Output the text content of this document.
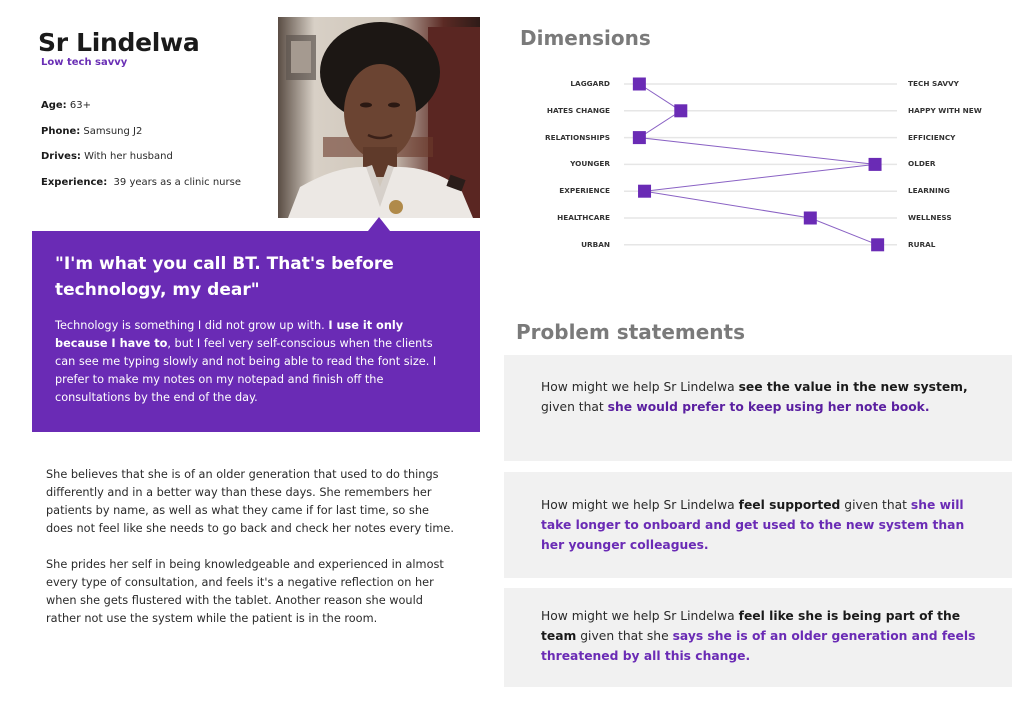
Sr Lindelwa
Low tech savvy
Age: 63+
Phone: Samsung J2
Drives: With her husband
Experience:  39 years as a clinic nurse
"I'm what you call BT. That's before technology, my dear"
Technology is something I did not grow up with. I use it only because I have to, but I feel very self-conscious when the clients can see me typing slowly and not being able to read the font size. I prefer to make my notes on my notepad and finish off the consultations by the end of the day.

She believes that she is of an older generation that used to do things differently and in a better way than these days. She remembers her patients by name, as well as what they came if for last time, so she does not feel like she needs to go back and check her notes every time.

She prides her self in being knowledgeable and experienced in almost every type of consultation, and feels it's a negative reflection on her when she gets flustered with the tablet. Another reason she would rather not use the system while the patient is in the room.

Dimensions
LAGGARD	TECH SAVVY
HATES CHANGE	HAPPY WITH NEW
RELATIONSHIPS	EFFICIENCY
YOUNGER	OLDER
EXPERIENCE	LEARNING
HEALTHCARE	WELLNESS
URBAN	RURAL
Problem statements
How might we help Sr Lindelwa see the value in the new system, given that she would prefer to keep using her note book.
How might we help Sr Lindelwa feel supported given that she will take longer to onboard and get used to the new system than her younger colleagues.
How might we help Sr Lindelwa feel like she is being part of the team given that she says she is of an older generation and feels threatened by all this change.
